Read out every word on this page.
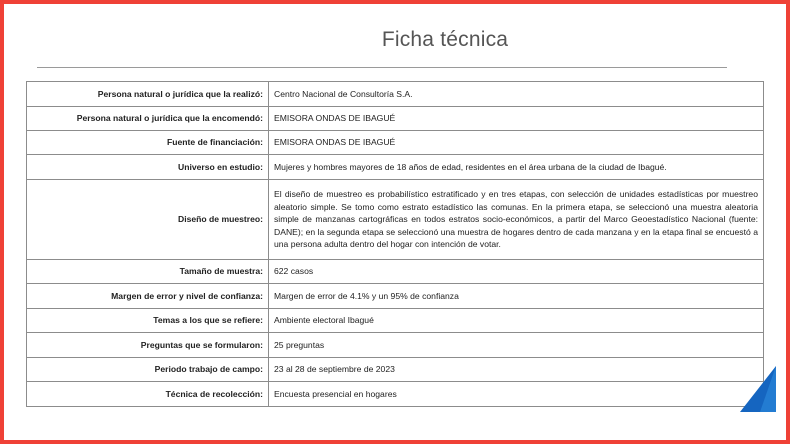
Ficha técnica
Persona natural o jurídica que la realizó:	Centro Nacional de Consultoría S.A.
Persona natural o jurídica que la encomendó:	EMISORA ONDAS DE IBAGUÉ
Fuente de financiación:	EMISORA ONDAS DE IBAGUÉ
Universo en estudio:	Mujeres y hombres mayores de 18 años de edad, residentes en el área urbana de la ciudad de Ibagué.
Diseño de muestreo:	El diseño de muestreo es probabilístico estratificado y en tres etapas, con selección de unidades estadísticas por muestreo aleatorio simple. Se tomo como estrato estadístico las comunas. En la primera etapa, se seleccionó una muestra aleatoria simple de manzanas cartográficas en todos estratos socio-económicos, a partir del Marco Geoestadístico Nacional (fuente: DANE); en la segunda etapa se seleccionó una muestra de hogares dentro de cada manzana y en la etapa final se encuestó a una persona adulta dentro del hogar con intención de votar.
Tamaño de muestra:	622 casos
Margen de error y nivel de confianza:	Margen de error de 4.1% y un 95% de confianza
Temas a los que se refiere:	Ambiente electoral Ibagué
Preguntas que se formularon:	25 preguntas
Periodo trabajo de campo:	23 al 28 de septiembre de 2023
Técnica de recolección:	Encuesta presencial en hogares
